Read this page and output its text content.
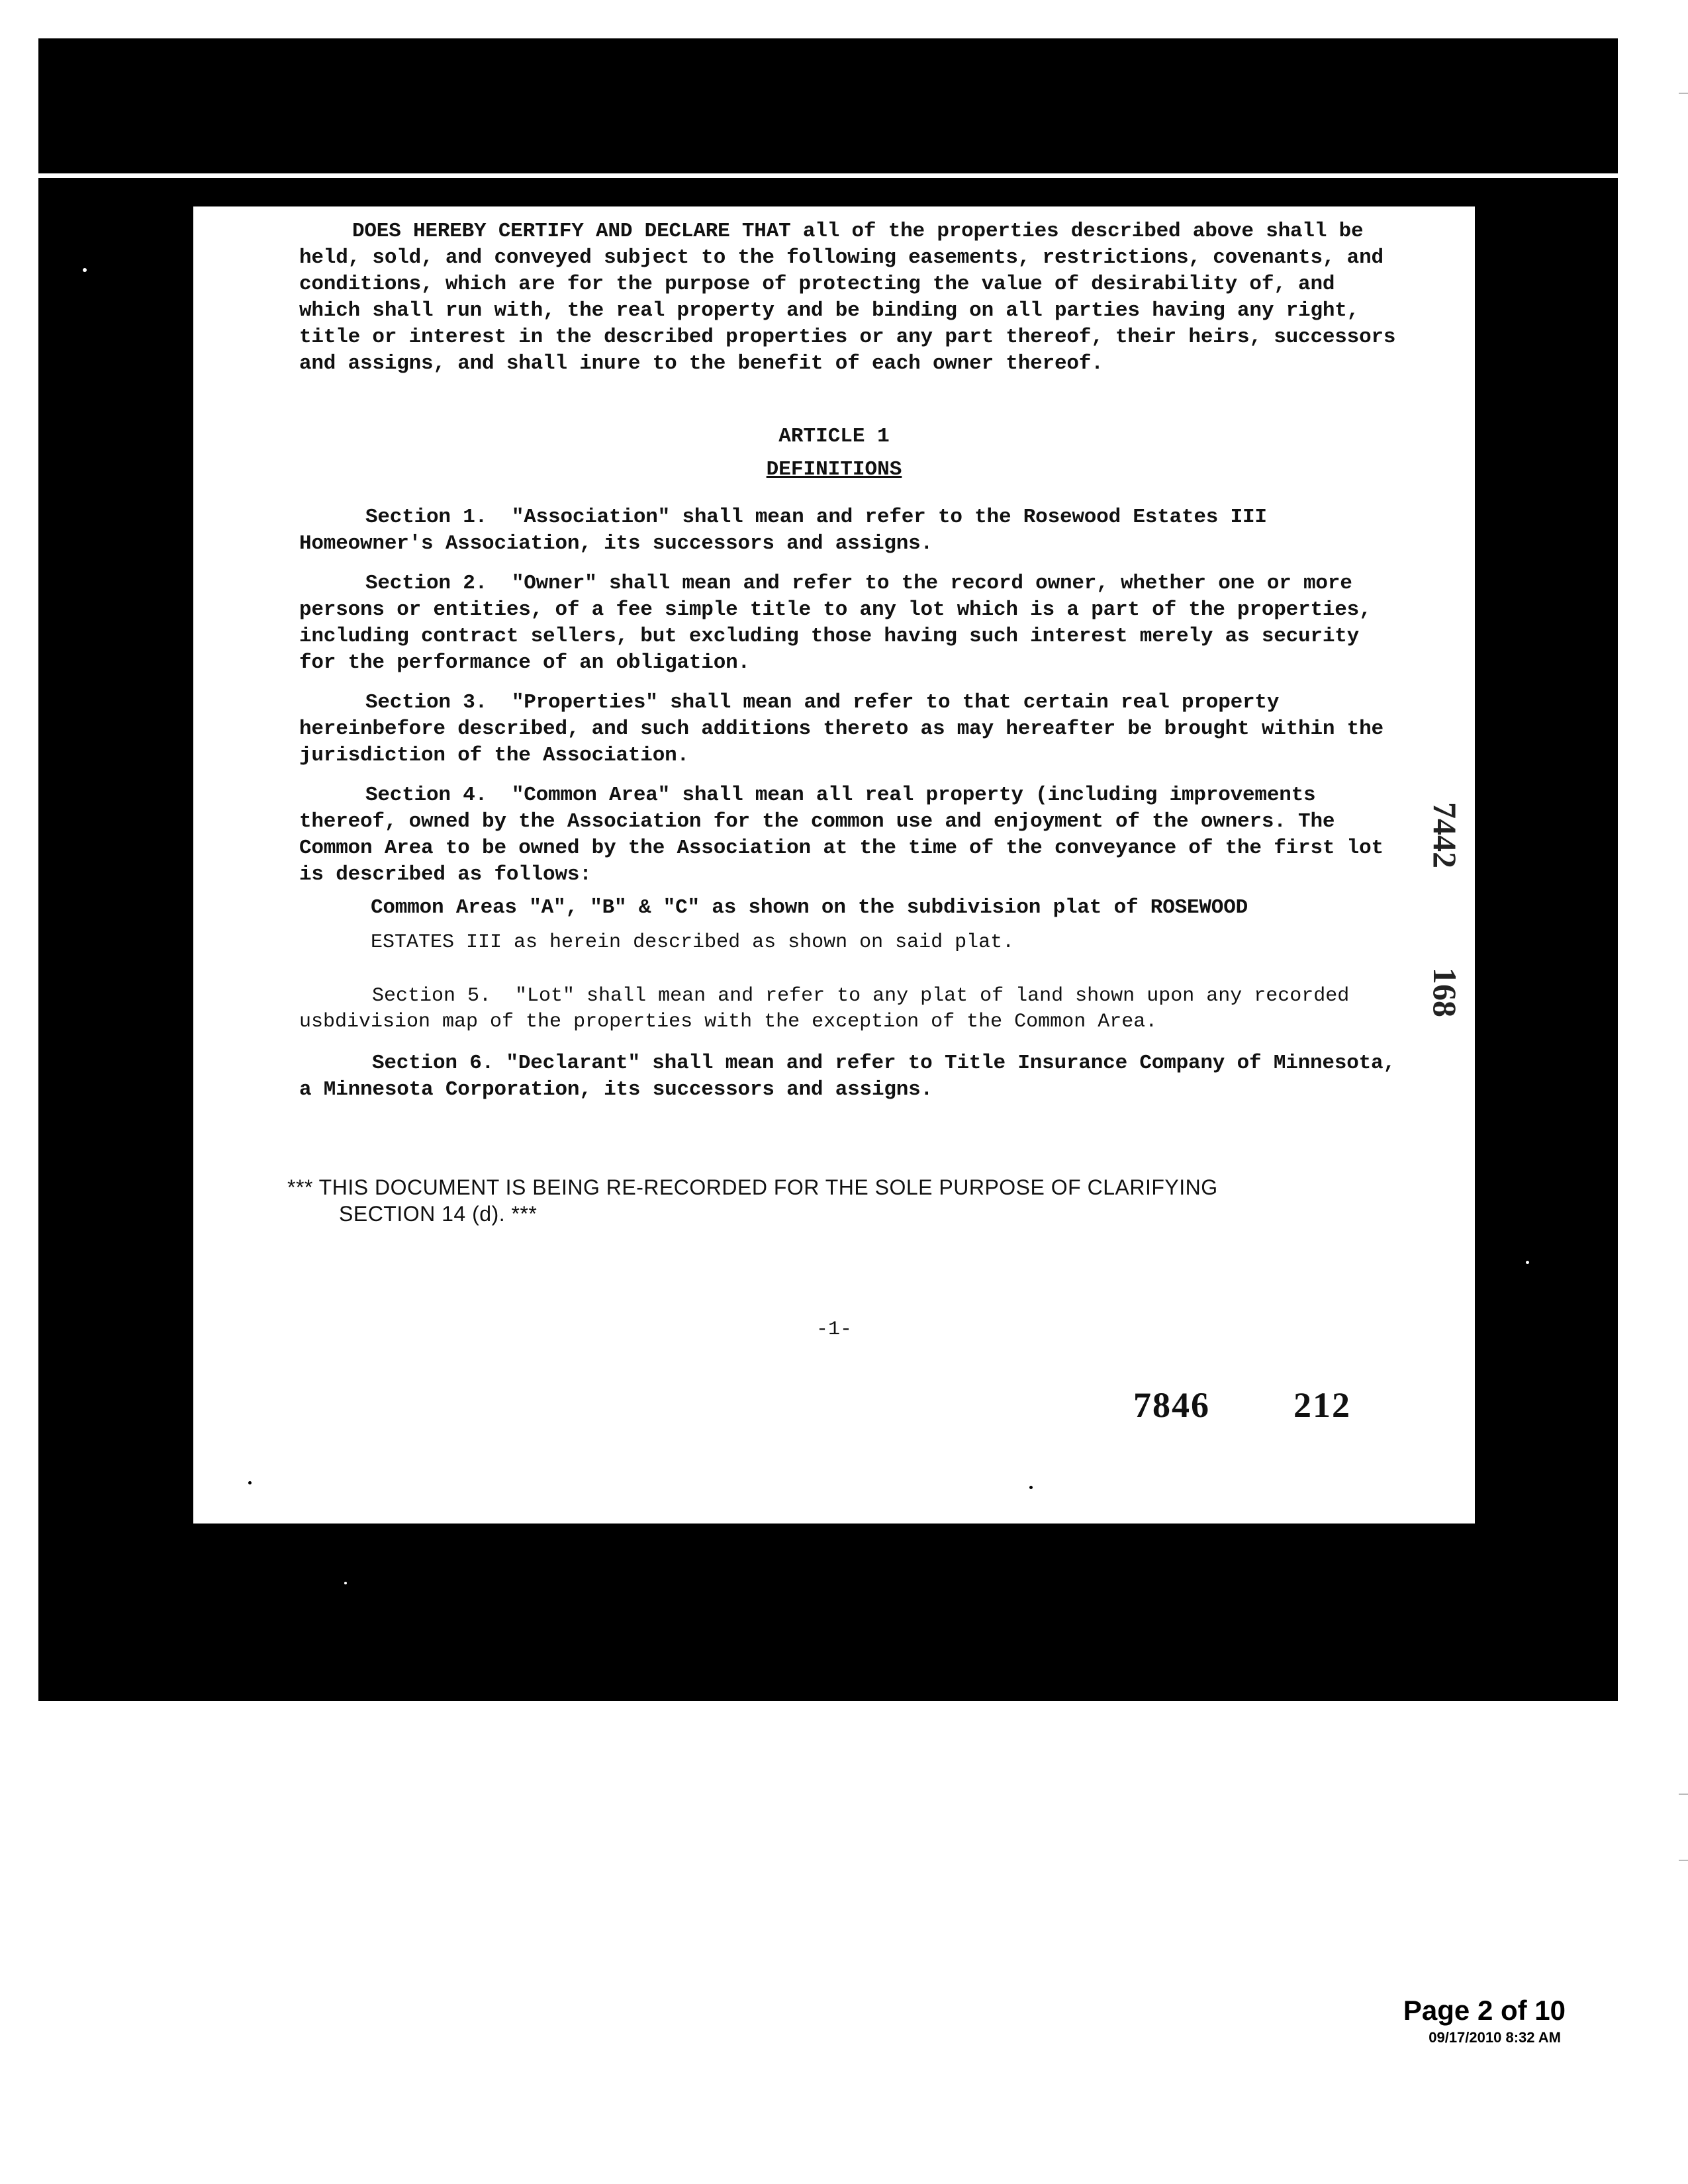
DOES HEREBY CERTIFY AND DECLARE THAT all of the properties described above shall be held, sold, and conveyed subject to the following easements, restrictions, covenants, and conditions, which are for the purpose of protecting the value of desirability of, and which shall run with, the real property and be binding on all parties having any right, title or interest in the described properties or any part thereof, their heirs, successors and assigns, and shall inure to the benefit of each owner thereof.

ARTICLE 1
DEFINITIONS

Section 1.  "Association" shall mean and refer to the Rosewood Estates III Homeowner's Association, its successors and assigns.

Section 2.  "Owner" shall mean and refer to the record owner, whether one or more persons or entities, of a fee simple title to any lot which is a part of the properties, including contract sellers, but excluding those having such interest merely as security for the performance of an obligation.

Section 3.  "Properties" shall mean and refer to that certain real property hereinbefore described, and such additions thereto as may hereafter be brought within the jurisdiction of the Association.

Section 4.  "Common Area" shall mean all real property (including improvements thereof, owned by the Association for the common use and enjoyment of the owners. The Common Area to be owned by the Association at the time of the conveyance of the first lot is described as follows:

Common Areas "A", "B" & "C" as shown on the subdivision plat of ROSEWOOD

ESTATES III as herein described as shown on said plat.

Section 5.  "Lot" shall mean and refer to any plat of land shown upon any recorded usbdivision map of the properties with the exception of the Common Area.

Section 6. "Declarant" shall mean and refer to Title Insurance Company of Minnesota, a Minnesota Corporation, its successors and assigns.

*** THIS DOCUMENT IS BEING RE-RECORDED FOR THE SOLE PURPOSE OF CLARIFYING

SECTION 14 (d). ***

-1-
7846 212
7442
168
Page 2 of 10
09/17/2010 8:32 AM
